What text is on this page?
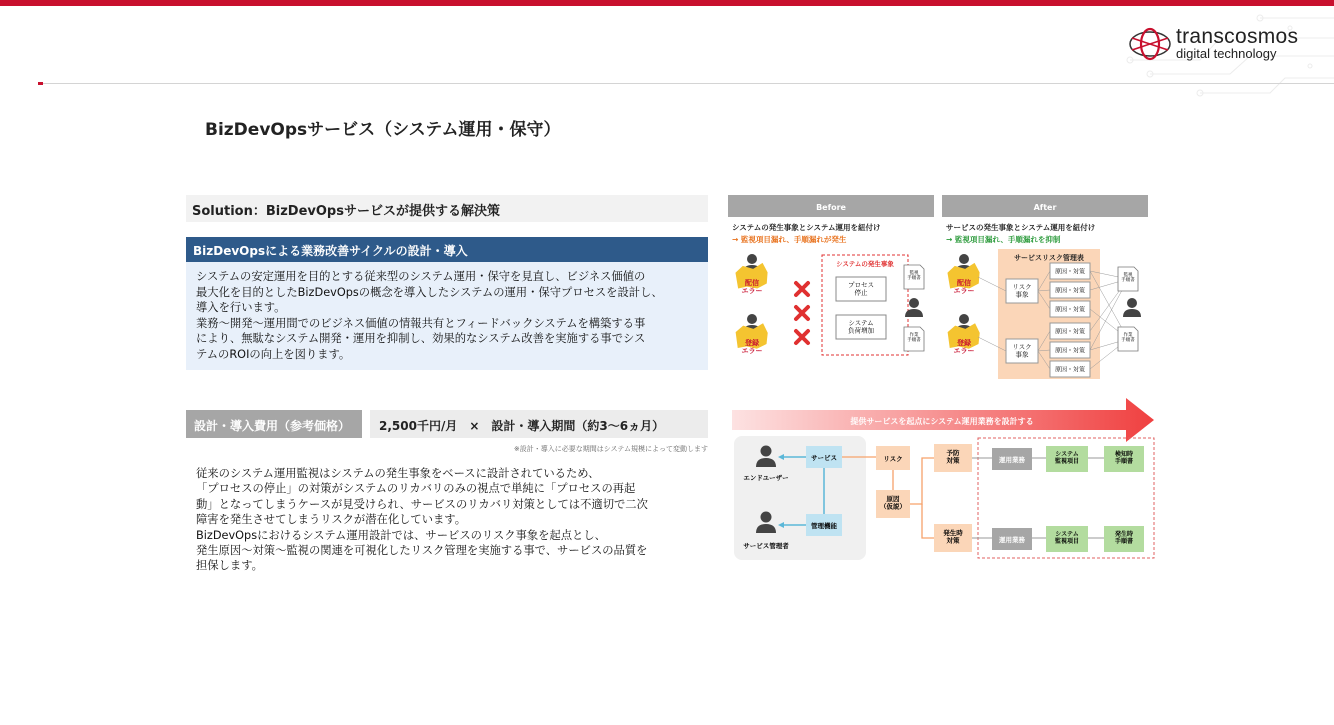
transcosmos
digital technology
BizDevOpsサービス（システム運用・保守）
Solution：BizDevOpsサービスが提供する解決策
BizDevOpsによる業務改善サイクルの設計・導入
システムの安定運用を目的とする従来型のシステム運用・保守を見直し、ビジネス価値の
最大化を目的としたBizDevOpsの概念を導入したシステムの運用・保守プロセスを設計し、
導入を行います。
業務～開発～運用間でのビジネス価値の情報共有とフィードバックシステムを構築する事
により、無駄なシステム開発・運用を抑制し、効果的なシステム改善を実施する事でシス
テムのROIの向上を図ります。
設計・導入費用（参考価格）	2,500千円/月　×　設計・導入期間（約3～6ヵ月）
※設計・導入に必要な期間はシステム規模によって変動します
従来のシステム運用監視はシステムの発生事象をベースに設計されているため、
「プロセスの停止」の対策がシステムのリカバリのみの視点で単純に「プロセスの再起
動」となってしまうケースが見受けられ、サービスのリカバリ対策としては不適切で二次
障害を発生させてしまうリスクが潜在化しています。
BizDevOpsにおけるシステム運用設計では、サービスのリスク事象を起点とし、
発生原因～対策～監視の関連を可視化したリスク管理を実施する事で、サービスの品質を
担保します。
Before
システムの発生事象とシステム運用を紐付け
→ 監視項目漏れ、手順漏れが発生
配信エラー
登録エラー
システムの発生事象
プロセス停止
システム負荷増加
監視手順書
作業手順書
After
サービスの発生事象とシステム運用を紐付け
→ 監視項目漏れ、手順漏れを抑制
配信エラー
登録エラー
サービスリスク管理表
リスク事象
リスク事象
原因・対策
原因・対策
原因・対策
原因・対策
原因・対策
原因・対策
監視手順書
作業手順書
提供サービスを起点にシステム運用業務を設計する
エンドユーザー
サービス管理者
サービス
管理機能
リスク
原因（仮説）
予防対策
発生時対策
運用業務
システム監視項目
検知時手順書
運用業務
システム監視項目
発生時手順書
